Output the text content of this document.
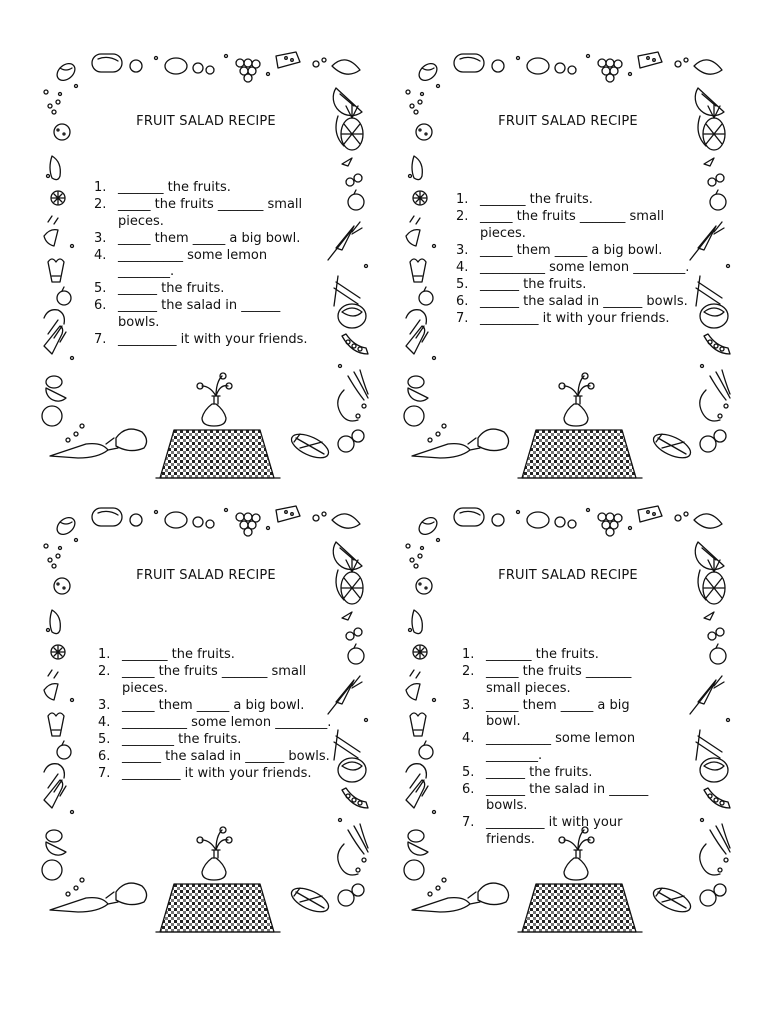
FRUIT SALAD RECIPE
1. _______ the fruits.
2. _____ the fruits _______ small pieces.
3. _____ them _____ a big bowl.
4. __________ some lemon ________.
5. ______ the fruits.
6. ______ the salad in ______ bowls.
7. _________ it with your friends.
FRUIT SALAD RECIPE
1. _______ the fruits.
2. _____ the fruits _______ small pieces.
3. _____ them _____ a big bowl.
4. __________ some lemon ________.
5. ______ the fruits.
6. ______ the salad in ______ bowls.
7. _________ it with your friends.
FRUIT SALAD RECIPE
1. _______ the fruits.
2. _____ the fruits _______ small pieces.
3. _____ them _____ a big bowl.
4. __________ some lemon ________.
5. ________ the fruits.
6. ______ the salad in ______ bowls.
7. _________ it with your friends.
FRUIT SALAD RECIPE
1. _______ the fruits.
2. _____ the fruits _______ small pieces.
3. _____ them _____ a big bowl.
4. __________ some lemon ________.
5. ______ the fruits.
6. ______ the salad in ______ bowls.
7. _________ it with your friends.
